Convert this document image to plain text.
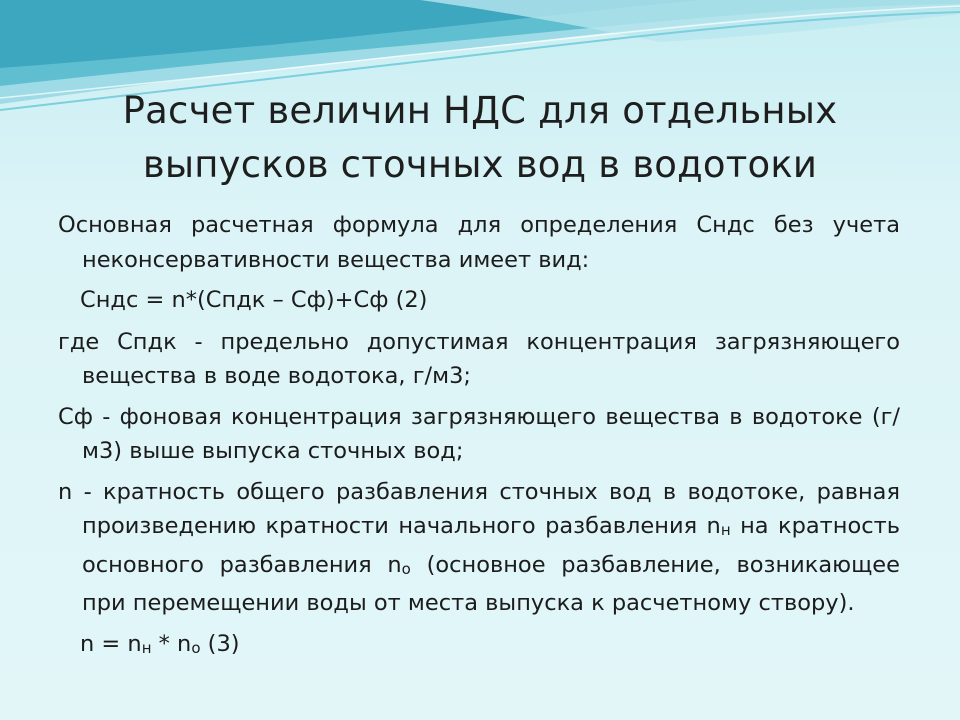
Расчет величин НДС для отдельных
выпусков сточных вод в водотоки

Основная расчетная формула для определения Cндс без учета неконсервативности вещества имеет вид:

Cндс = n*(Cпдк – Cф)+Cф (2)

где Cпдк - предельно допустимая концентрация загрязняющего вещества в воде водотока, г/м3;

Cф - фоновая концентрация загрязняющего вещества в водотоке (г/м3) выше выпуска сточных вод;

n - кратность общего разбавления сточных вод в водотоке, равная произведению кратности начального разбавления $n_н$ на кратность основного разбавления $n_о$ (основное разбавление, возникающее при перемещении воды от места выпуска к расчетному створу).

$n = n_н * n_о$ (3)
